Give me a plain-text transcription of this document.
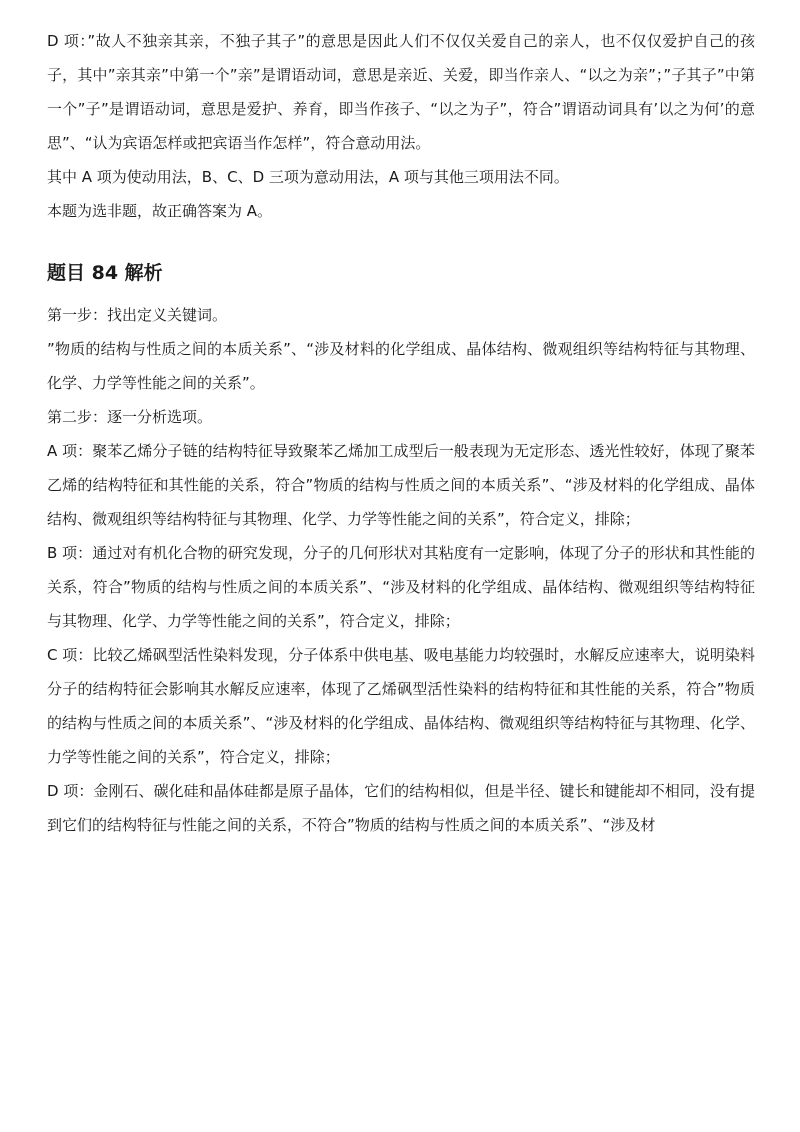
D 项：”故人不独亲其亲，不独子其子”的意思是因此人们不仅仅关爱自己的亲人，也不仅仅爱护自己的孩子，其中”亲其亲”中第一个”亲”是谓语动词，意思是亲近、关爱，即当作亲人、“以之为亲”；”子其子”中第一个”子”是谓语动词，意思是爱护、养育，即当作孩子、“以之为子”，符合”谓语动词具有’以之为何’的意思”、“认为宾语怎样或把宾语当作怎样”，符合意动用法。

其中 A 项为使动用法，B、C、D 三项为意动用法，A 项与其他三项用法不同。

本题为选非题，故正确答案为 A。

题目 84 解析

第一步：找出定义关键词。

”物质的结构与性质之间的本质关系”、“涉及材料的化学组成、晶体结构、微观组织等结构特征与其物理、化学、力学等性能之间的关系”。

第二步：逐一分析选项。

A 项：聚苯乙烯分子链的结构特征导致聚苯乙烯加工成型后一般表现为无定形态、透光性较好，体现了聚苯乙烯的结构特征和其性能的关系，符合”物质的结构与性质之间的本质关系”、“涉及材料的化学组成、晶体结构、微观组织等结构特征与其物理、化学、力学等性能之间的关系”，符合定义，排除；

B 项：通过对有机化合物的研究发现，分子的几何形状对其粘度有一定影响，体现了分子的形状和其性能的关系，符合”物质的结构与性质之间的本质关系”、“涉及材料的化学组成、晶体结构、微观组织等结构特征与其物理、化学、力学等性能之间的关系”，符合定义，排除；

C 项：比较乙烯砜型活性染料发现，分子体系中供电基、吸电基能力均较强时，水解反应速率大，说明染料分子的结构特征会影响其水解反应速率，体现了乙烯砜型活性染料的结构特征和其性能的关系，符合”物质的结构与性质之间的本质关系”、“涉及材料的化学组成、晶体结构、微观组织等结构特征与其物理、化学、力学等性能之间的关系”，符合定义，排除；

D 项：金刚石、碳化硅和晶体硅都是原子晶体，它们的结构相似，但是半径、键长和键能却不相同，没有提到它们的结构特征与性能之间的关系，不符合”物质的结构与性质之间的本质关系”、“涉及材
